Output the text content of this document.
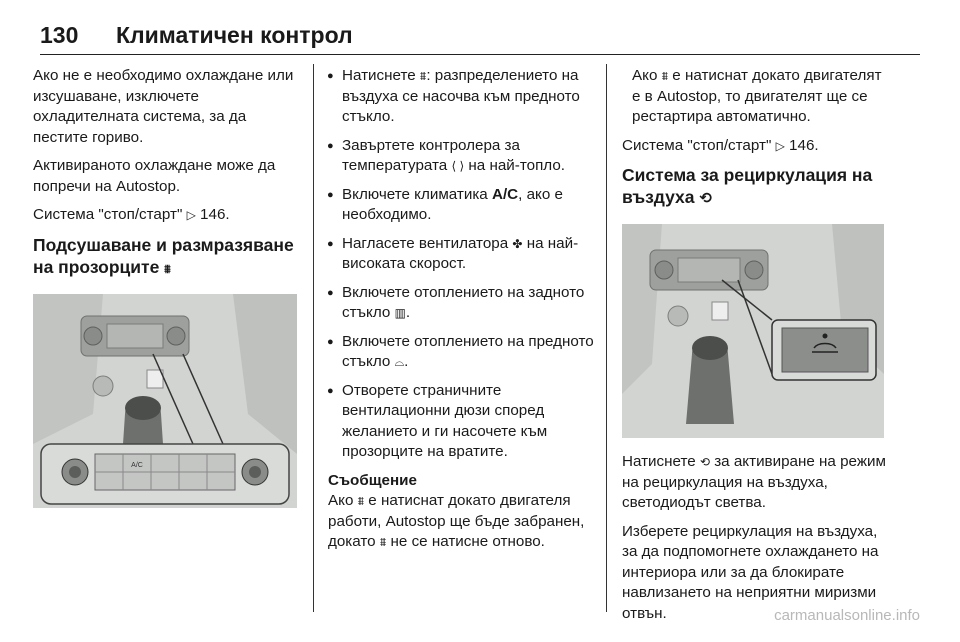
130 Климатичен контрол

Ако не е необходимо охлаждане или изсушаване, изключете охладителната система, за да пестите гориво.

Активираното охлаждане може да попречи на Autostop.

Система "стоп/старт" ▷ 146.

Подсушаване и размразяване на прозорците ⩩
A/C
● Натиснете ⩩: разпределението на въздуха се насочва към предното стъкло.
● Завъртете контролера за температурата ⟨ ⟩ на най-топло.
● Включете климатика A/C, ако е необходимо.
● Нагласете вентилатора ✤ на най-високата скорост.
● Включете отоплението на задното стъкло ▥.
● Включете отоплението на предното стъкло ⌓.
● Отворете страничните вентилационни дюзи според желанието и ги насочете към прозорците на вратите.
Съобщение

Ако ⩩ е натиснат докато двигателя работи, Autostop ще бъде забранен, докато ⩩ не се натисне отново.

Ако ⩩ е натиснат докато двигателят е в Autostop, то двигателят ще се рестартира автоматично.

Система "стоп/старт" ▷ 146.

Система за рециркулация на въздуха ⟲

Натиснете ⟲ за активиране на режим на рециркулация на въздуха, светодиодът светва.

Изберете рециркулация на въздуха, за да подпомогнете охлаждането на интериора или за да блокирате навлизането на неприятни миризми отвън.	carmanualsonline.info
